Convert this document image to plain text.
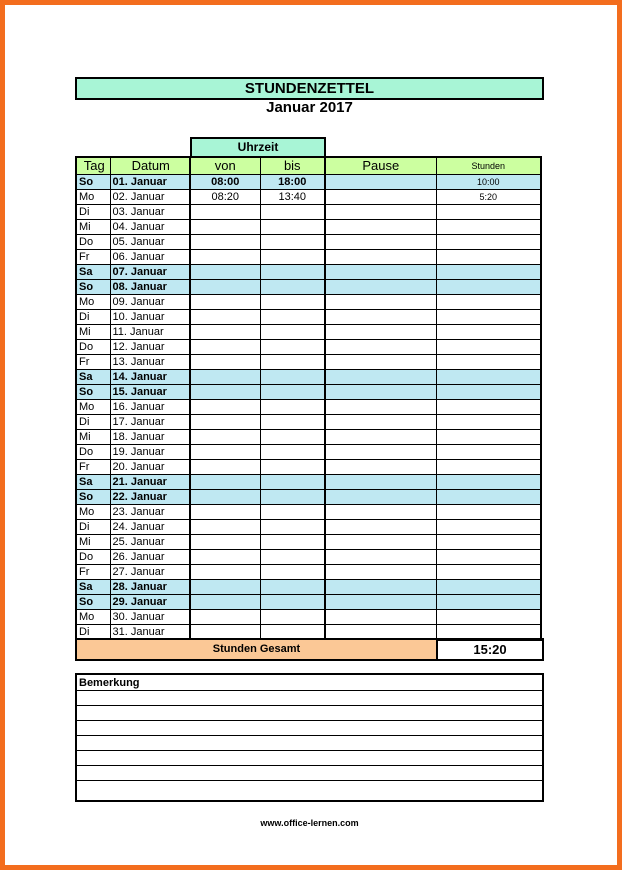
STUNDENZETTEL
Januar 2017
Uhrzeit
Tag	Datum	von	bis	Pause	Stunden
So	01. Januar	08:00	18:00		10:00
Mo	02. Januar	08:20	13:40		5:20
Di	03. Januar				
Mi	04. Januar				
Do	05. Januar				
Fr	06. Januar				
Sa	07. Januar				
So	08. Januar				
Mo	09. Januar				
Di	10. Januar				
Mi	11. Januar				
Do	12. Januar				
Fr	13. Januar				
Sa	14. Januar				
So	15. Januar				
Mo	16. Januar				
Di	17. Januar				
Mi	18. Januar				
Do	19. Januar				
Fr	20. Januar				
Sa	21. Januar				
So	22. Januar				
Mo	23. Januar				
Di	24. Januar				
Mi	25. Januar				
Do	26. Januar				
Fr	27. Januar				
Sa	28. Januar				
So	29. Januar				
Mo	30. Januar				
Di	31. Januar				
Stunden Gesamt	15:20
Bemerkung
www.office-lernen.com
